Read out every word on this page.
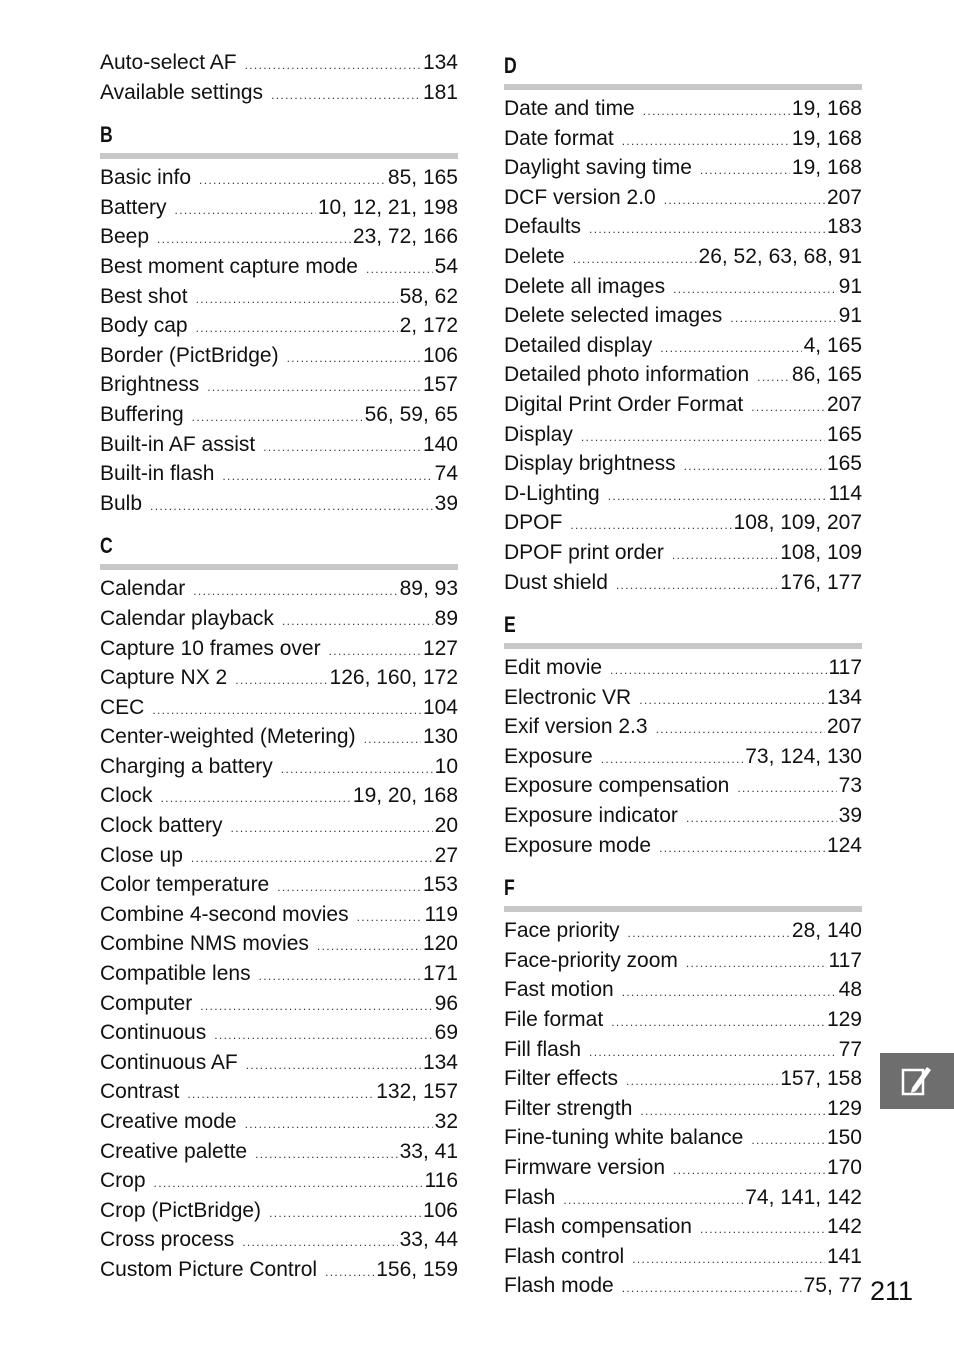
Auto-select AF . . .	134
Available settings . . .	181
B
Basic info . . .	85, 165
Battery . . .	10, 12, 21, 198
Beep . . .	23, 72, 166
Best moment capture mode . . .	54
Best shot . . .	58, 62
Body cap . . .	2, 172
Border (PictBridge) . . .	106
Brightness . . .	157
Buffering . . .	56, 59, 65
Built-in AF assist . . .	140
Built-in flash . . .	74
Bulb . . .	39
C
Calendar . . .	89, 93
Calendar playback . . .	89
Capture 10 frames over . . .	127
Capture NX 2 . . .	126, 160, 172
CEC . . .	104
Center-weighted (Metering) . . .	130
Charging a battery . . .	10
Clock . . .	19, 20, 168
Clock battery . . .	20
Close up . . .	27
Color temperature . . .	153
Combine 4-second movies . . .	119
Combine NMS movies . . .	120
Compatible lens . . .	171
Computer . . .	96
Continuous . . .	69
Continuous AF . . .	134
Contrast . . .	132, 157
Creative mode . . .	32
Creative palette . . .	33, 41
Crop . . .	116
Crop (PictBridge) . . .	106
Cross process . . .	33, 44
Custom Picture Control . . .	156, 159
D
Date and time . . .	19, 168
Date format . . .	19, 168
Daylight saving time . . .	19, 168
DCF version 2.0 . . .	207
Defaults . . .	183
Delete . . .	26, 52, 63, 68, 91
Delete all images . . .	91
Delete selected images . . .	91
Detailed display . . .	4, 165
Detailed photo information . . .	86, 165
Digital Print Order Format . . .	207
Display . . .	165
Display brightness . . .	165
D-Lighting . . .	114
DPOF . . .	108, 109, 207
DPOF print order . . .	108, 109
Dust shield . . .	176, 177
E
Edit movie . . .	117
Electronic VR . . .	134
Exif version 2.3 . . .	207
Exposure . . .	73, 124, 130
Exposure compensation . . .	73
Exposure indicator . . .	39
Exposure mode . . .	124
F
Face priority . . .	28, 140
Face-priority zoom . . .	117
Fast motion . . .	48
File format . . .	129
Fill flash . . .	77
Filter effects . . .	157, 158
Filter strength . . .	129
Fine-tuning white balance . . .	150
Firmware version . . .	170
Flash . . .	74, 141, 142
Flash compensation . . .	142
Flash control . . .	141
Flash mode . . .	75, 77 211
